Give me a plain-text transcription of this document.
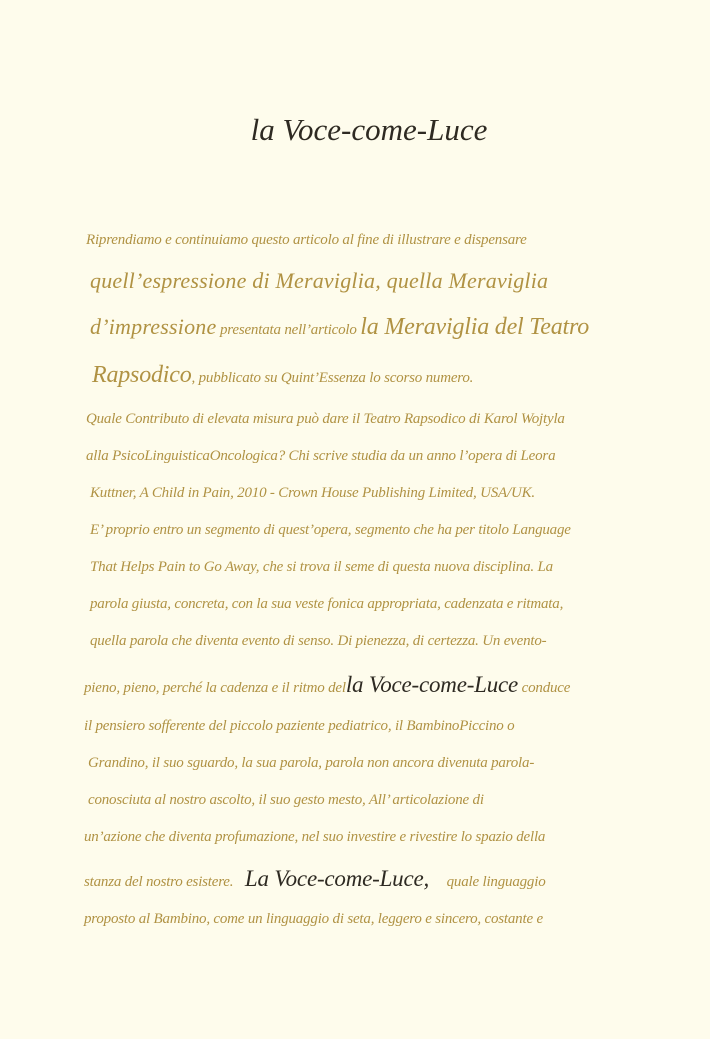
la Voce-come-Luce
Riprendiamo e continuiamo questo articolo al fine di illustrare e dispensare
quell’espressione di Meraviglia, quella Meraviglia
d’impressione presentata nell’articolo la Meraviglia del Teatro
Rapsodico, pubblicato su Quint’Essenza lo scorso numero.
Quale Contributo di elevata misura può dare il Teatro Rapsodico di Karol Wojtyla
alla PsicoLinguisticaOncologica? Chi scrive studia da un anno l’opera di Leora
Kuttner, A Child in Pain, 2010 - Crown House Publishing Limited, USA/UK.
E’ proprio entro un segmento di quest’opera, segmento che ha per titolo Language
That Helps Pain to Go Away, che si trova il seme di questa nuova disciplina. La
parola giusta, concreta, con la sua veste fonica appropriata, cadenzata e ritmata,
quella parola che diventa evento di senso. Di pienezza, di certezza. Un evento-
pieno, pieno, perché la cadenza e il ritmo della Voce-come-Luce conduce
il pensiero sofferente del piccolo paziente pediatrico, il BambinoPiccino o
Grandino, il suo sguardo, la sua parola, parola non ancora divenuta parola-
conosciuta al nostro ascolto, il suo gesto mesto, All’ articolazione di
un’azione che diventa profumazione, nel suo investire e rivestire lo spazio della
stanza del nostro esistere. La Voce-come-Luce, quale linguaggio
proposto al Bambino, come un linguaggio di seta, leggero e sincero, costante e
